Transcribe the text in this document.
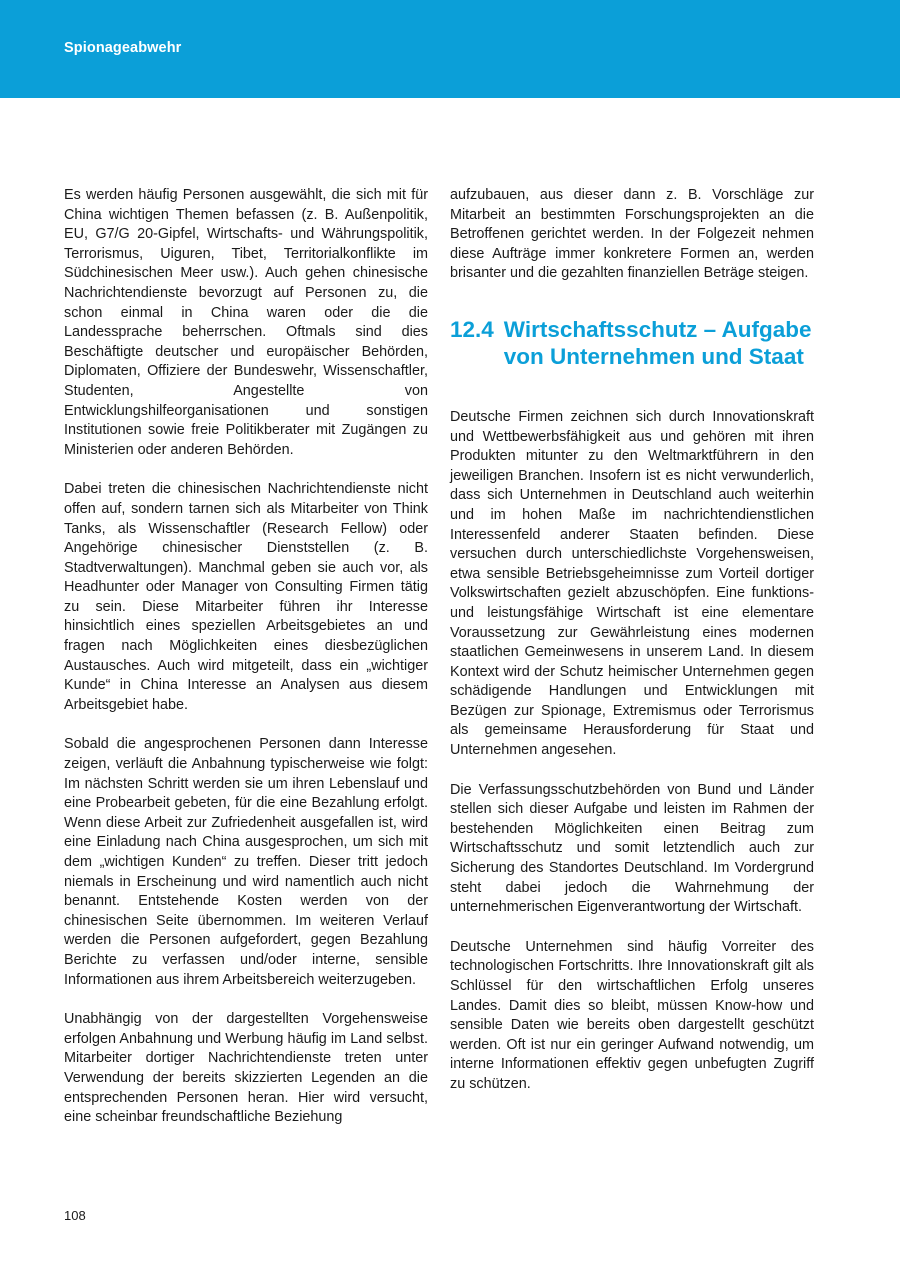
Spionageabwehr

Es werden häufig Personen ausgewählt, die sich mit für China wichtigen Themen befassen (z. B. Außenpolitik, EU, G7/G 20-Gipfel, Wirtschafts- und Währungspolitik, Terrorismus, Uiguren, Tibet, Territorialkonflikte im Südchinesischen Meer usw.). Auch gehen chinesische Nachrichtendienste bevorzugt auf Personen zu, die schon einmal in China waren oder die die Landessprache beherrschen. Oftmals sind dies Beschäftigte deutscher und europäischer Behörden, Diplomaten, Offiziere der Bundeswehr, Wissenschaftler, Studenten, Angestellte von Entwicklungshilfeorganisationen und sonstigen Institutionen sowie freie Politikberater mit Zugängen zu Ministerien oder anderen Behörden.

Dabei treten die chinesischen Nachrichtendienste nicht offen auf, sondern tarnen sich als Mitarbeiter von Think Tanks, als Wissenschaftler (Research Fellow) oder Angehörige chinesischer Dienststellen (z. B. Stadtverwaltungen). Manchmal geben sie auch vor, als Headhunter oder Manager von Consulting Firmen tätig zu sein. Diese Mitarbeiter führen ihr Interesse hinsichtlich eines speziellen Arbeitsgebietes an und fragen nach Möglichkeiten eines diesbezüglichen Austausches. Auch wird mitgeteilt, dass ein „wichtiger Kunde“ in China Interesse an Analysen aus diesem Arbeitsgebiet habe.

Sobald die angesprochenen Personen dann Interesse zeigen, verläuft die Anbahnung typischerweise wie folgt: Im nächsten Schritt werden sie um ihren Lebenslauf und eine Probearbeit gebeten, für die eine Bezahlung erfolgt. Wenn diese Arbeit zur Zufriedenheit ausgefallen ist, wird eine Einladung nach China ausgesprochen, um sich mit dem „wichtigen Kunden“ zu treffen. Dieser tritt jedoch niemals in Erscheinung und wird namentlich auch nicht benannt. Entstehende Kosten werden von der chinesischen Seite übernommen. Im weiteren Verlauf werden die Personen aufgefordert, gegen Bezahlung Berichte zu verfassen und/oder interne, sensible Informationen aus ihrem Arbeitsbereich weiterzugeben.

Unabhängig von der dargestellten Vorgehensweise erfolgen Anbahnung und Werbung häufig im Land selbst. Mitarbeiter dortiger Nachrichtendienste treten unter Verwendung der bereits skizzierten Legenden an die entsprechenden Personen heran. Hier wird versucht, eine scheinbar freundschaftliche Beziehung

aufzubauen, aus dieser dann z. B. Vorschläge zur Mitarbeit an bestimmten Forschungsprojekten an die Betroffenen gerichtet werden. In der Folgezeit nehmen diese Aufträge immer konkretere Formen an, werden brisanter und die gezahlten finanziellen Beträge steigen.

12.4 Wirtschaftsschutz – Aufgabe von Unternehmen und Staat

Deutsche Firmen zeichnen sich durch Innovationskraft und Wettbewerbsfähigkeit aus und gehören mit ihren Produkten mitunter zu den Weltmarktführern in den jeweiligen Branchen. Insofern ist es nicht verwunderlich, dass sich Unternehmen in Deutschland auch weiterhin und im hohen Maße im nachrichtendienstlichen Interessenfeld anderer Staaten befinden. Diese versuchen durch unterschiedlichste Vorgehensweisen, etwa sensible Betriebsgeheimnisse zum Vorteil dortiger Volkswirtschaften gezielt abzuschöpfen. Eine funktions- und leistungsfähige Wirtschaft ist eine elementare Voraussetzung zur Gewährleistung eines modernen staatlichen Gemeinwesens in unserem Land. In diesem Kontext wird der Schutz heimischer Unternehmen gegen schädigende Handlungen und Entwicklungen mit Bezügen zur Spionage, Extremismus oder Terrorismus als gemeinsame Herausforderung für Staat und Unternehmen angesehen.

Die Verfassungsschutzbehörden von Bund und Länder stellen sich dieser Aufgabe und leisten im Rahmen der bestehenden Möglichkeiten einen Beitrag zum Wirtschaftsschutz und somit letztendlich auch zur Sicherung des Standortes Deutschland. Im Vordergrund steht dabei jedoch die Wahrnehmung der unternehmerischen Eigenverantwortung der Wirtschaft.

Deutsche Unternehmen sind häufig Vorreiter des technologischen Fortschritts. Ihre Innovationskraft gilt als Schlüssel für den wirtschaftlichen Erfolg unseres Landes. Damit dies so bleibt, müssen Know-how und sensible Daten wie bereits oben dargestellt geschützt werden. Oft ist nur ein geringer Aufwand notwendig, um interne Informationen effektiv gegen unbefugten Zugriff zu schützen.

108
